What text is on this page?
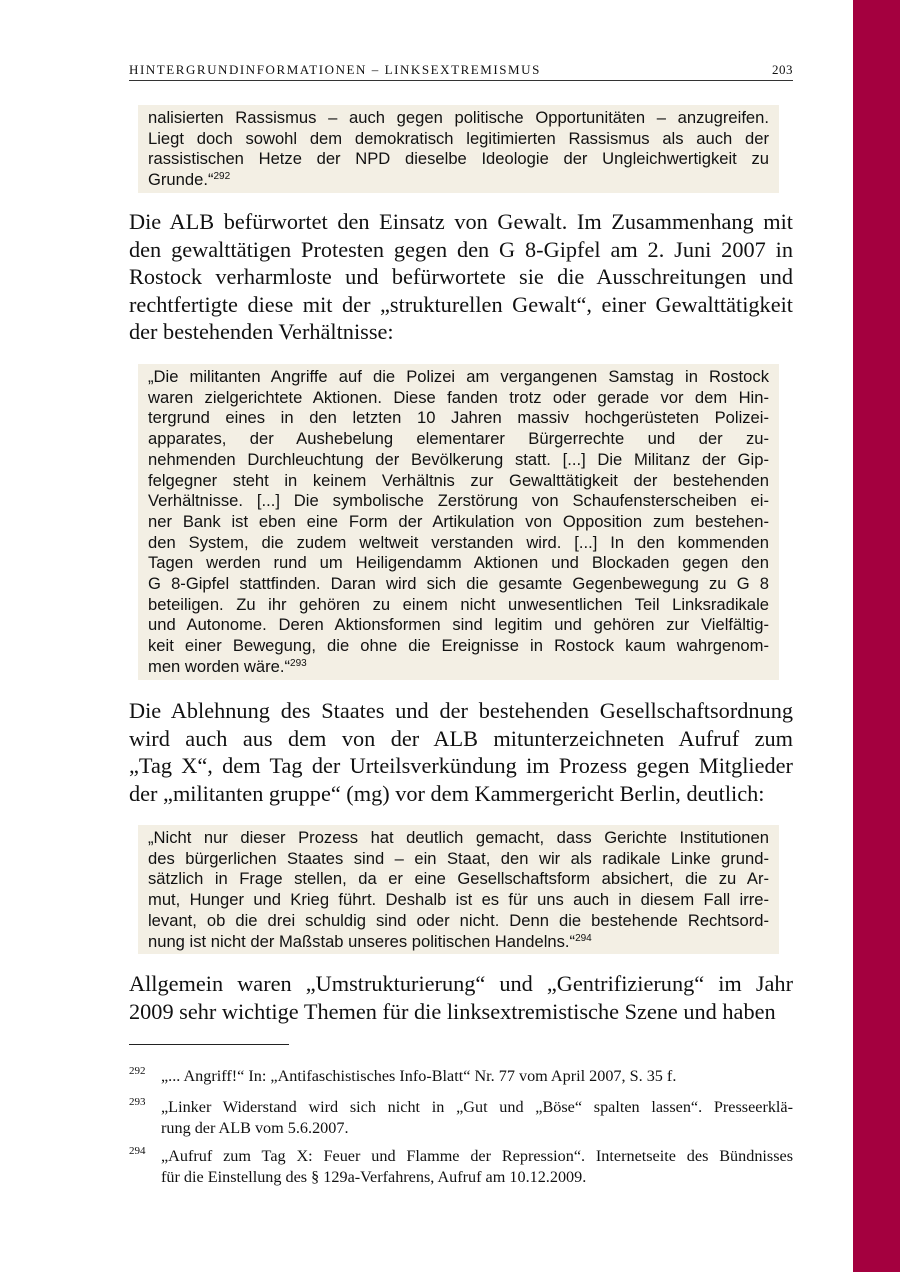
HINTERGRUNDINFORMATIONEN – LINKSEXTREMISMUS	203
nalisierten Rassismus – auch gegen politische Opportunitäten – anzugreifen.
Liegt doch sowohl dem demokratisch legitimierten Rassismus als auch der
rassistischen Hetze der NPD dieselbe Ideologie der Ungleichwertigkeit zu
Grunde.“$^{292}$
Die ALB befürwortet den Einsatz von Gewalt. Im Zusammenhang mit
den gewalttätigen Protesten gegen den G 8-Gipfel am 2. Juni 2007 in
Rostock verharmloste und befürwortete sie die Ausschreitungen und
rechtfertigte diese mit der „strukturellen Gewalt“, einer Gewalttätigkeit
der bestehenden Verhältnisse:
„Die militanten Angriffe auf die Polizei am vergangenen Samstag in Rostock
waren zielgerichtete Aktionen. Diese fanden trotz oder gerade vor dem Hin-
tergrund eines in den letzten 10 Jahren massiv hochgerüsteten Polizei-
apparates, der Aushebelung elementarer Bürgerrechte und der zu-
nehmenden Durchleuchtung der Bevölkerung statt. [...] Die Militanz der Gip-
felgegner steht in keinem Verhältnis zur Gewalttätigkeit der bestehenden
Verhältnisse. [...] Die symbolische Zerstörung von Schaufensterscheiben ei-
ner Bank ist eben eine Form der Artikulation von Opposition zum bestehen-
den System, die zudem weltweit verstanden wird. [...] In den kommenden
Tagen werden rund um Heiligendamm Aktionen und Blockaden gegen den
G 8-Gipfel stattfinden. Daran wird sich die gesamte Gegenbewegung zu G 8
beteiligen. Zu ihr gehören zu einem nicht unwesentlichen Teil Linksradikale
und Autonome. Deren Aktionsformen sind legitim und gehören zur Vielfältig-
keit einer Bewegung, die ohne die Ereignisse in Rostock kaum wahrgenom-
men worden wäre.“$^{293}$
Die Ablehnung des Staates und der bestehenden Gesellschaftsordnung
wird auch aus dem von der ALB mitunterzeichneten Aufruf zum
„Tag X“, dem Tag der Urteilsverkündung im Prozess gegen Mitglieder
der „militanten gruppe“ (mg) vor dem Kammergericht Berlin, deutlich:
„Nicht nur dieser Prozess hat deutlich gemacht, dass Gerichte Institutionen
des bürgerlichen Staates sind – ein Staat, den wir als radikale Linke grund-
sätzlich in Frage stellen, da er eine Gesellschaftsform absichert, die zu Ar-
mut, Hunger und Krieg führt. Deshalb ist es für uns auch in diesem Fall irre-
levant, ob die drei schuldig sind oder nicht. Denn die bestehende Rechtsord-
nung ist nicht der Maßstab unseres politischen Handelns.“$^{294}$
Allgemein waren „Umstrukturierung“ und „Gentrifizierung“ im Jahr
2009 sehr wichtige Themen für die linksextremistische Szene und haben
292 „... Angriff!“ In: „Antifaschistisches Info-Blatt“ Nr. 77 vom April 2007, S. 35 f.
293 „Linker Widerstand wird sich nicht in „Gut und „Böse“ spalten lassen“. Presseerklä-
rung der ALB vom 5.6.2007.
294 „Aufruf zum Tag X: Feuer und Flamme der Repression“. Internetseite des Bündnisses
für die Einstellung des § 129a-Verfahrens, Aufruf am 10.12.2009.
